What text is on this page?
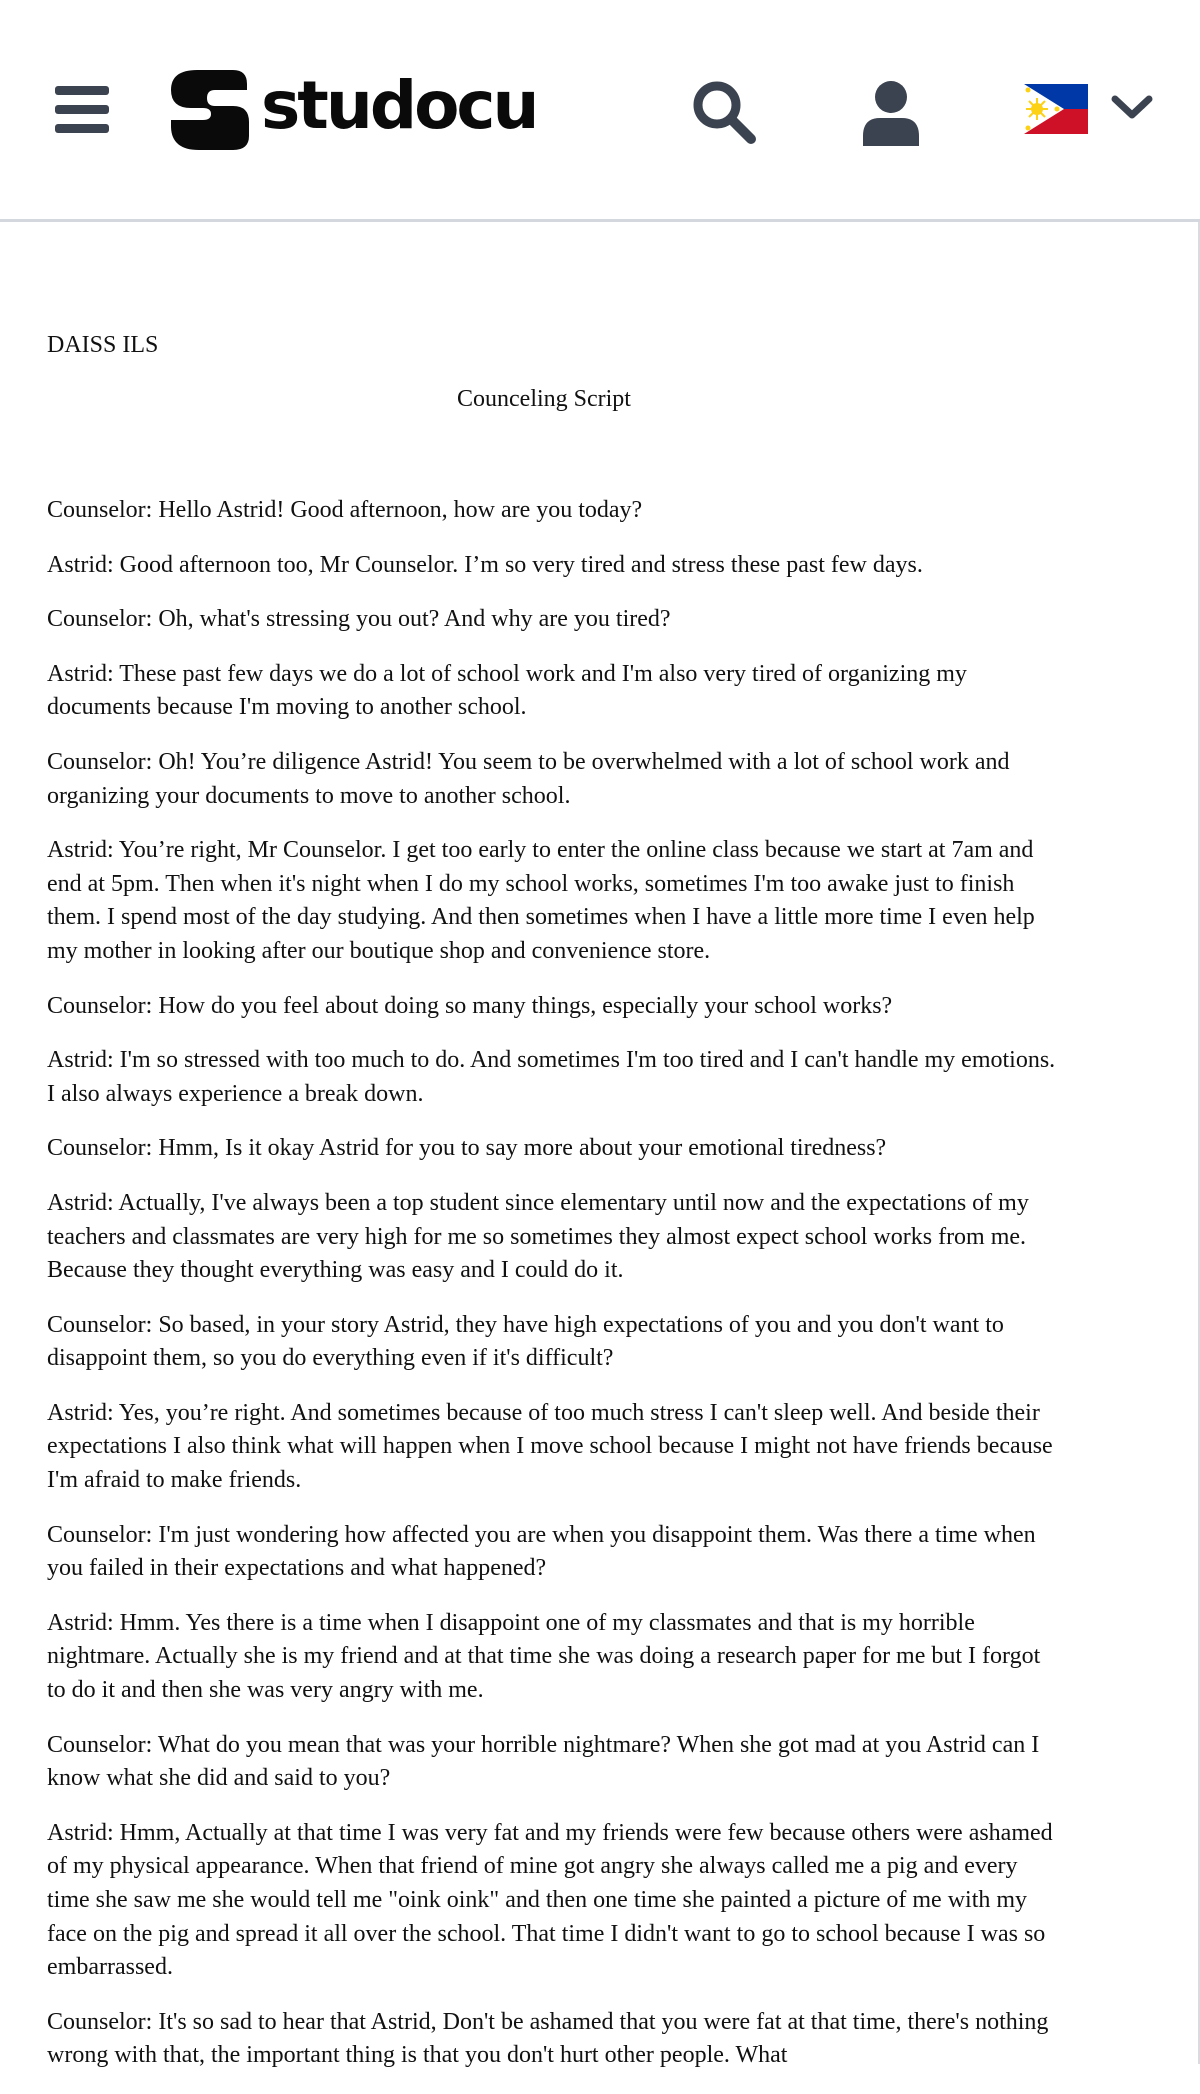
studocu
DAISS ILS
Counceling Script

Counselor: Hello Astrid! Good afternoon, how are you today?

Astrid: Good afternoon too, Mr Counselor. I’m so very tired and stress these past few days.

Counselor: Oh, what's stressing you out? And why are you tired?

Astrid: These past few days we do a lot of school work and I'm also very tired of organizing my documents because I'm moving to another school.

Counselor: Oh! You’re diligence Astrid! You seem to be overwhelmed with a lot of school work and organizing your documents to move to another school.

Astrid: You’re right, Mr Counselor. I get too early to enter the online class because we start at 7am and end at 5pm. Then when it's night when I do my school works, sometimes I'm too awake just to finish them. I spend most of the day studying. And then sometimes when I have a little more time I even help my mother in looking after our boutique shop and convenience store.

Counselor: How do you feel about doing so many things, especially your school works?

Astrid: I'm so stressed with too much to do. And sometimes I'm too tired and I can't handle my emotions. I also always experience a break down.

Counselor: Hmm, Is it okay Astrid for you to say more about your emotional tiredness?

Astrid: Actually, I've always been a top student since elementary until now and the expectations of my teachers and classmates are very high for me so sometimes they almost expect school works from me. Because they thought everything was easy and I could do it.

Counselor: So based, in your story Astrid, they have high expectations of you and you don't want to disappoint them, so you do everything even if it's difficult?

Astrid: Yes, you’re right. And sometimes because of too much stress I can't sleep well. And beside their expectations I also think what will happen when I move school because I might not have friends because I'm afraid to make friends.

Counselor: I'm just wondering how affected you are when you disappoint them. Was there a time when you failed in their expectations and what happened?

Astrid: Hmm. Yes there is a time when I disappoint one of my classmates and that is my horrible nightmare. Actually she is my friend and at that time she was doing a research paper for me but I forgot to do it and then she was very angry with me.

Counselor: What do you mean that was your horrible nightmare? When she got mad at you Astrid can I know what she did and said to you?

Astrid: Hmm, Actually at that time I was very fat and my friends were few because others were ashamed of my physical appearance. When that friend of mine got angry she always called me a pig and every time she saw me she would tell me "oink oink" and then one time she painted a picture of me with my face on the pig and spread it all over the school. That time I didn't want to go to school because I was so embarrassed.

Counselor: It's so sad to hear that Astrid, Don't be ashamed that you were fat at that time, there's nothing wrong with that, the important thing is that you don't hurt other people. What
